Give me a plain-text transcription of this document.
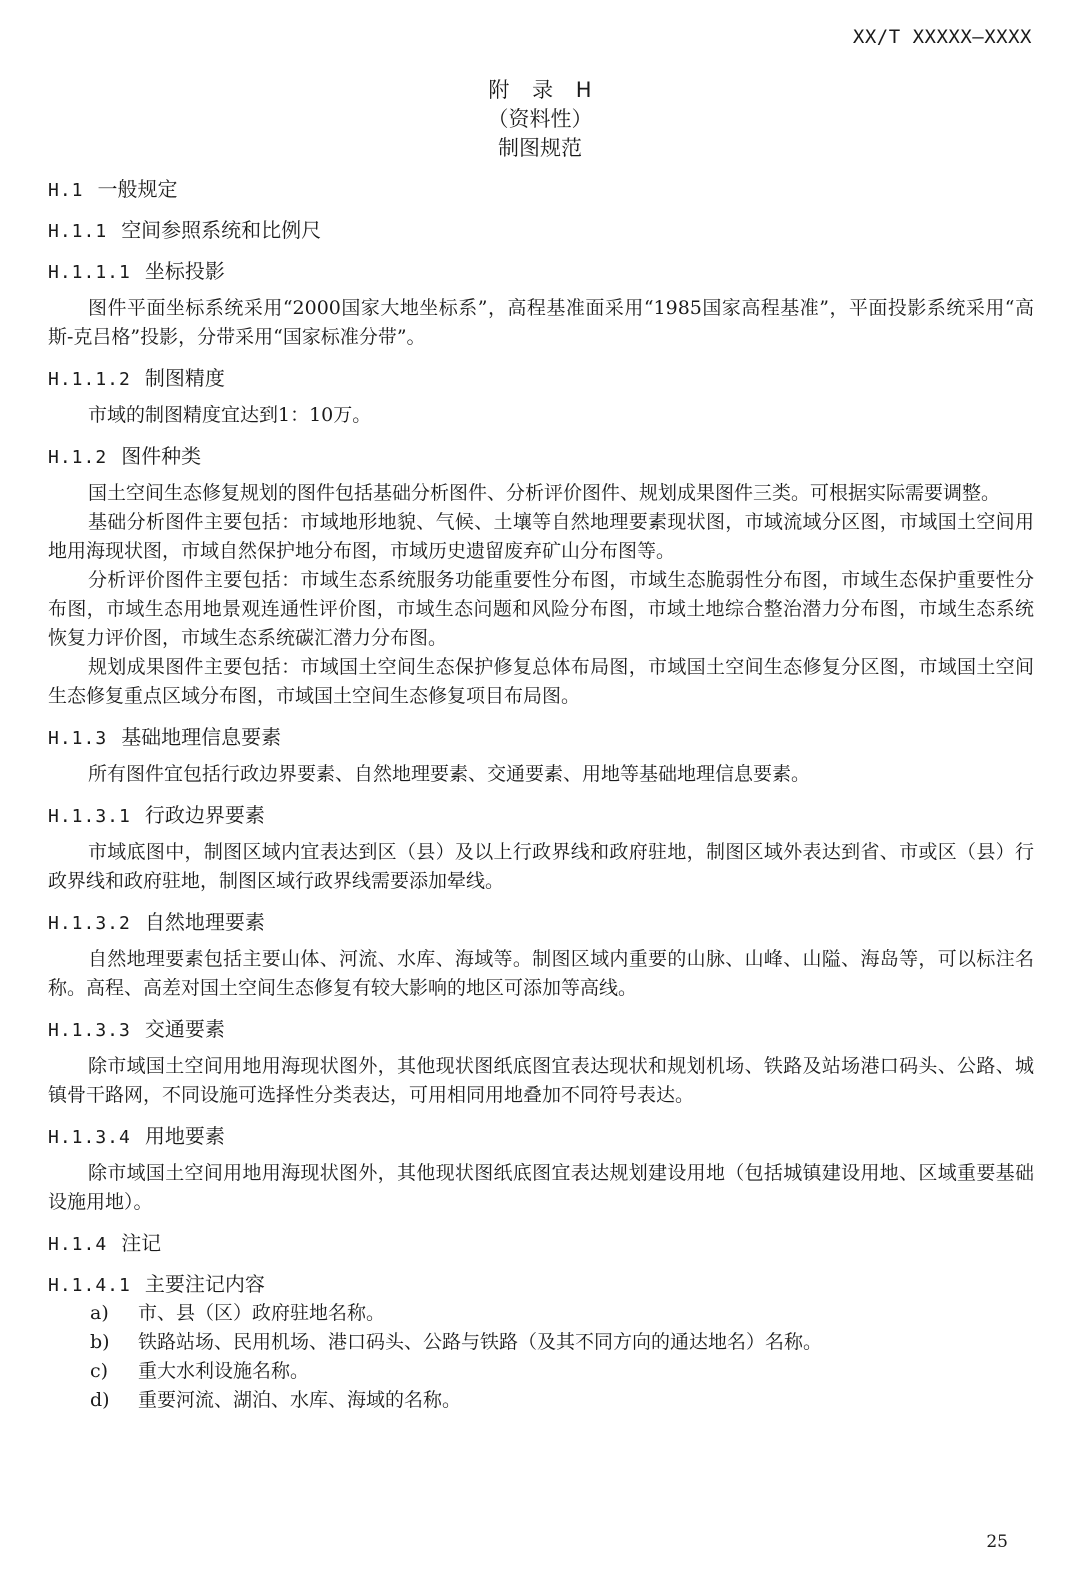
XX/T XXXXX—XXXX

附 录 H
（资料性）
制图规范
H.1 一般规定
H.1.1 空间参照系统和比例尺
H.1.1.1 坐标投影

图件平面坐标系统采用“2000国家大地坐标系”，高程基准面采用“1985国家高程基准”，平面投影系统采用“高斯-克吕格”投影，分带采用“国家标准分带”。

H.1.1.2 制图精度

市域的制图精度宜达到1：10万。

H.1.2 图件种类

国土空间生态修复规划的图件包括基础分析图件、分析评价图件、规划成果图件三类。可根据实际需要调整。

基础分析图件主要包括：市域地形地貌、气候、土壤等自然地理要素现状图，市域流域分区图，市域国土空间用地用海现状图，市域自然保护地分布图，市域历史遗留废弃矿山分布图等。

分析评价图件主要包括：市域生态系统服务功能重要性分布图，市域生态脆弱性分布图，市域生态保护重要性分布图，市域生态用地景观连通性评价图，市域生态问题和风险分布图，市域土地综合整治潜力分布图，市域生态系统恢复力评价图，市域生态系统碳汇潜力分布图。

规划成果图件主要包括：市域国土空间生态保护修复总体布局图，市域国土空间生态修复分区图，市域国土空间生态修复重点区域分布图，市域国土空间生态修复项目布局图。

H.1.3 基础地理信息要素

所有图件宜包括行政边界要素、自然地理要素、交通要素、用地等基础地理信息要素。

H.1.3.1 行政边界要素

市域底图中，制图区域内宜表达到区（县）及以上行政界线和政府驻地，制图区域外表达到省、市或区（县）行政界线和政府驻地，制图区域行政界线需要添加晕线。

H.1.3.2 自然地理要素

自然地理要素包括主要山体、河流、水库、海域等。制图区域内重要的山脉、山峰、山隘、海岛等，可以标注名称。高程、高差对国土空间生态修复有较大影响的地区可添加等高线。

H.1.3.3 交通要素

除市域国土空间用地用海现状图外，其他现状图纸底图宜表达现状和规划机场、铁路及站场港口码头、公路、城镇骨干路网，不同设施可选择性分类表达，可用相同用地叠加不同符号表达。

H.1.3.4 用地要素

除市域国土空间用地用海现状图外，其他现状图纸底图宜表达规划建设用地（包括城镇建设用地、区域重要基础设施用地）。

H.1.4 注记
H.1.4.1 主要注记内容
a) 市、县（区）政府驻地名称。
b) 铁路站场、民用机场、港口码头、公路与铁路（及其不同方向的通达地名）名称。
c) 重大水利设施名称。
d) 重要河流、湖泊、水库、海域的名称。

25
